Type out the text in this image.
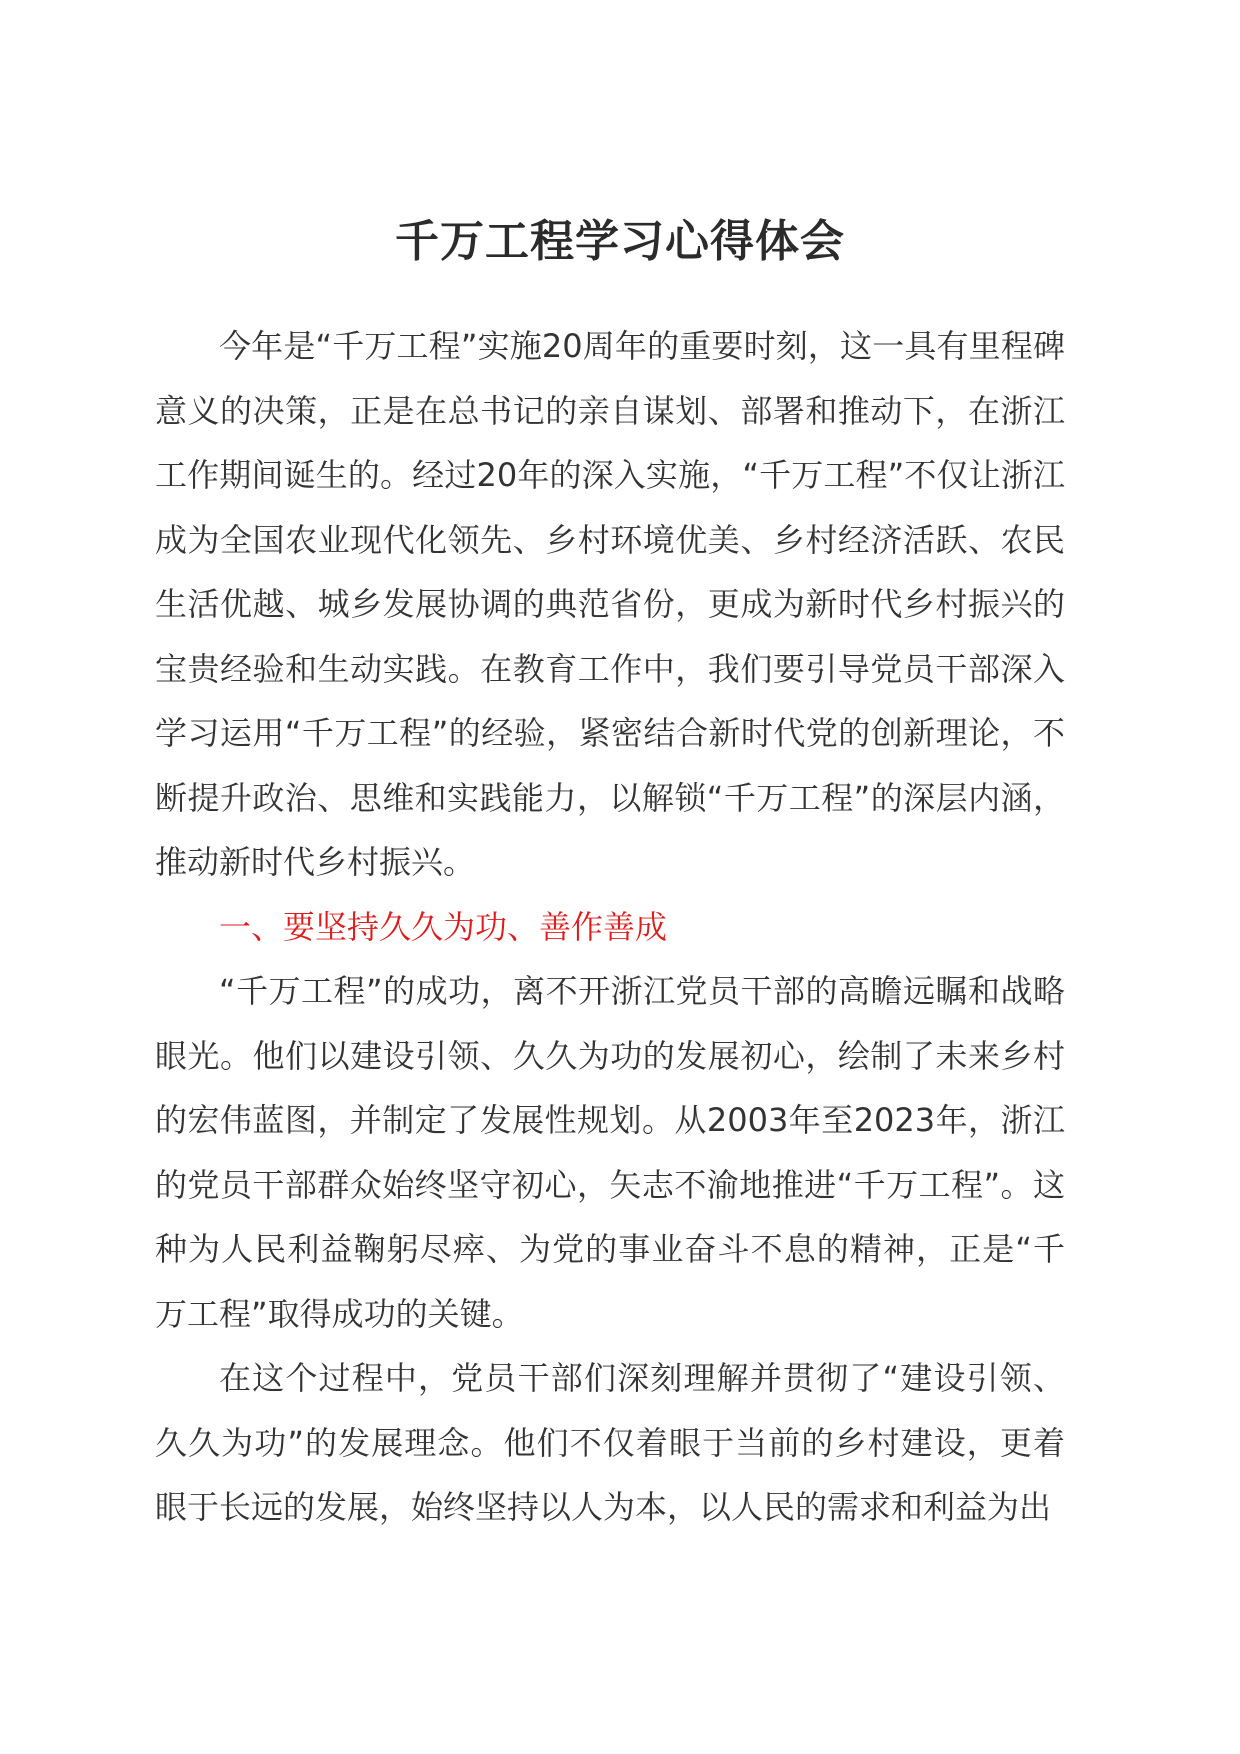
千万工程学习心得体会

今年是“千万工程”实施20周年的重要时刻，这一具有里程碑意义的决策，正是在总书记的亲自谋划、部署和推动下，在浙江工作期间诞生的。经过20年的深入实施，“千万工程”不仅让浙江成为全国农业现代化领先、乡村环境优美、乡村经济活跃、农民生活优越、城乡发展协调的典范省份，更成为新时代乡村振兴的宝贵经验和生动实践。在教育工作中，我们要引导党员干部深入学习运用“千万工程”的经验，紧密结合新时代党的创新理论，不断提升政治、思维和实践能力，以解锁“千万工程”的深层内涵，推动新时代乡村振兴。

一、要坚持久久为功、善作善成

“千万工程”的成功，离不开浙江党员干部的高瞻远瞩和战略眼光。他们以建设引领、久久为功的发展初心，绘制了未来乡村的宏伟蓝图，并制定了发展性规划。从2003年至2023年，浙江的党员干部群众始终坚守初心，矢志不渝地推进“千万工程”。这种为人民利益鞠躬尽瘁、为党的事业奋斗不息的精神，正是“千万工程”取得成功的关键。

在这个过程中，党员干部们深刻理解并贯彻了“建设引领、久久为功”的发展理念。他们不仅着眼于当前的乡村建设，更着眼于长远的发展，始终坚持以人为本，以人民的需求和利益为出
